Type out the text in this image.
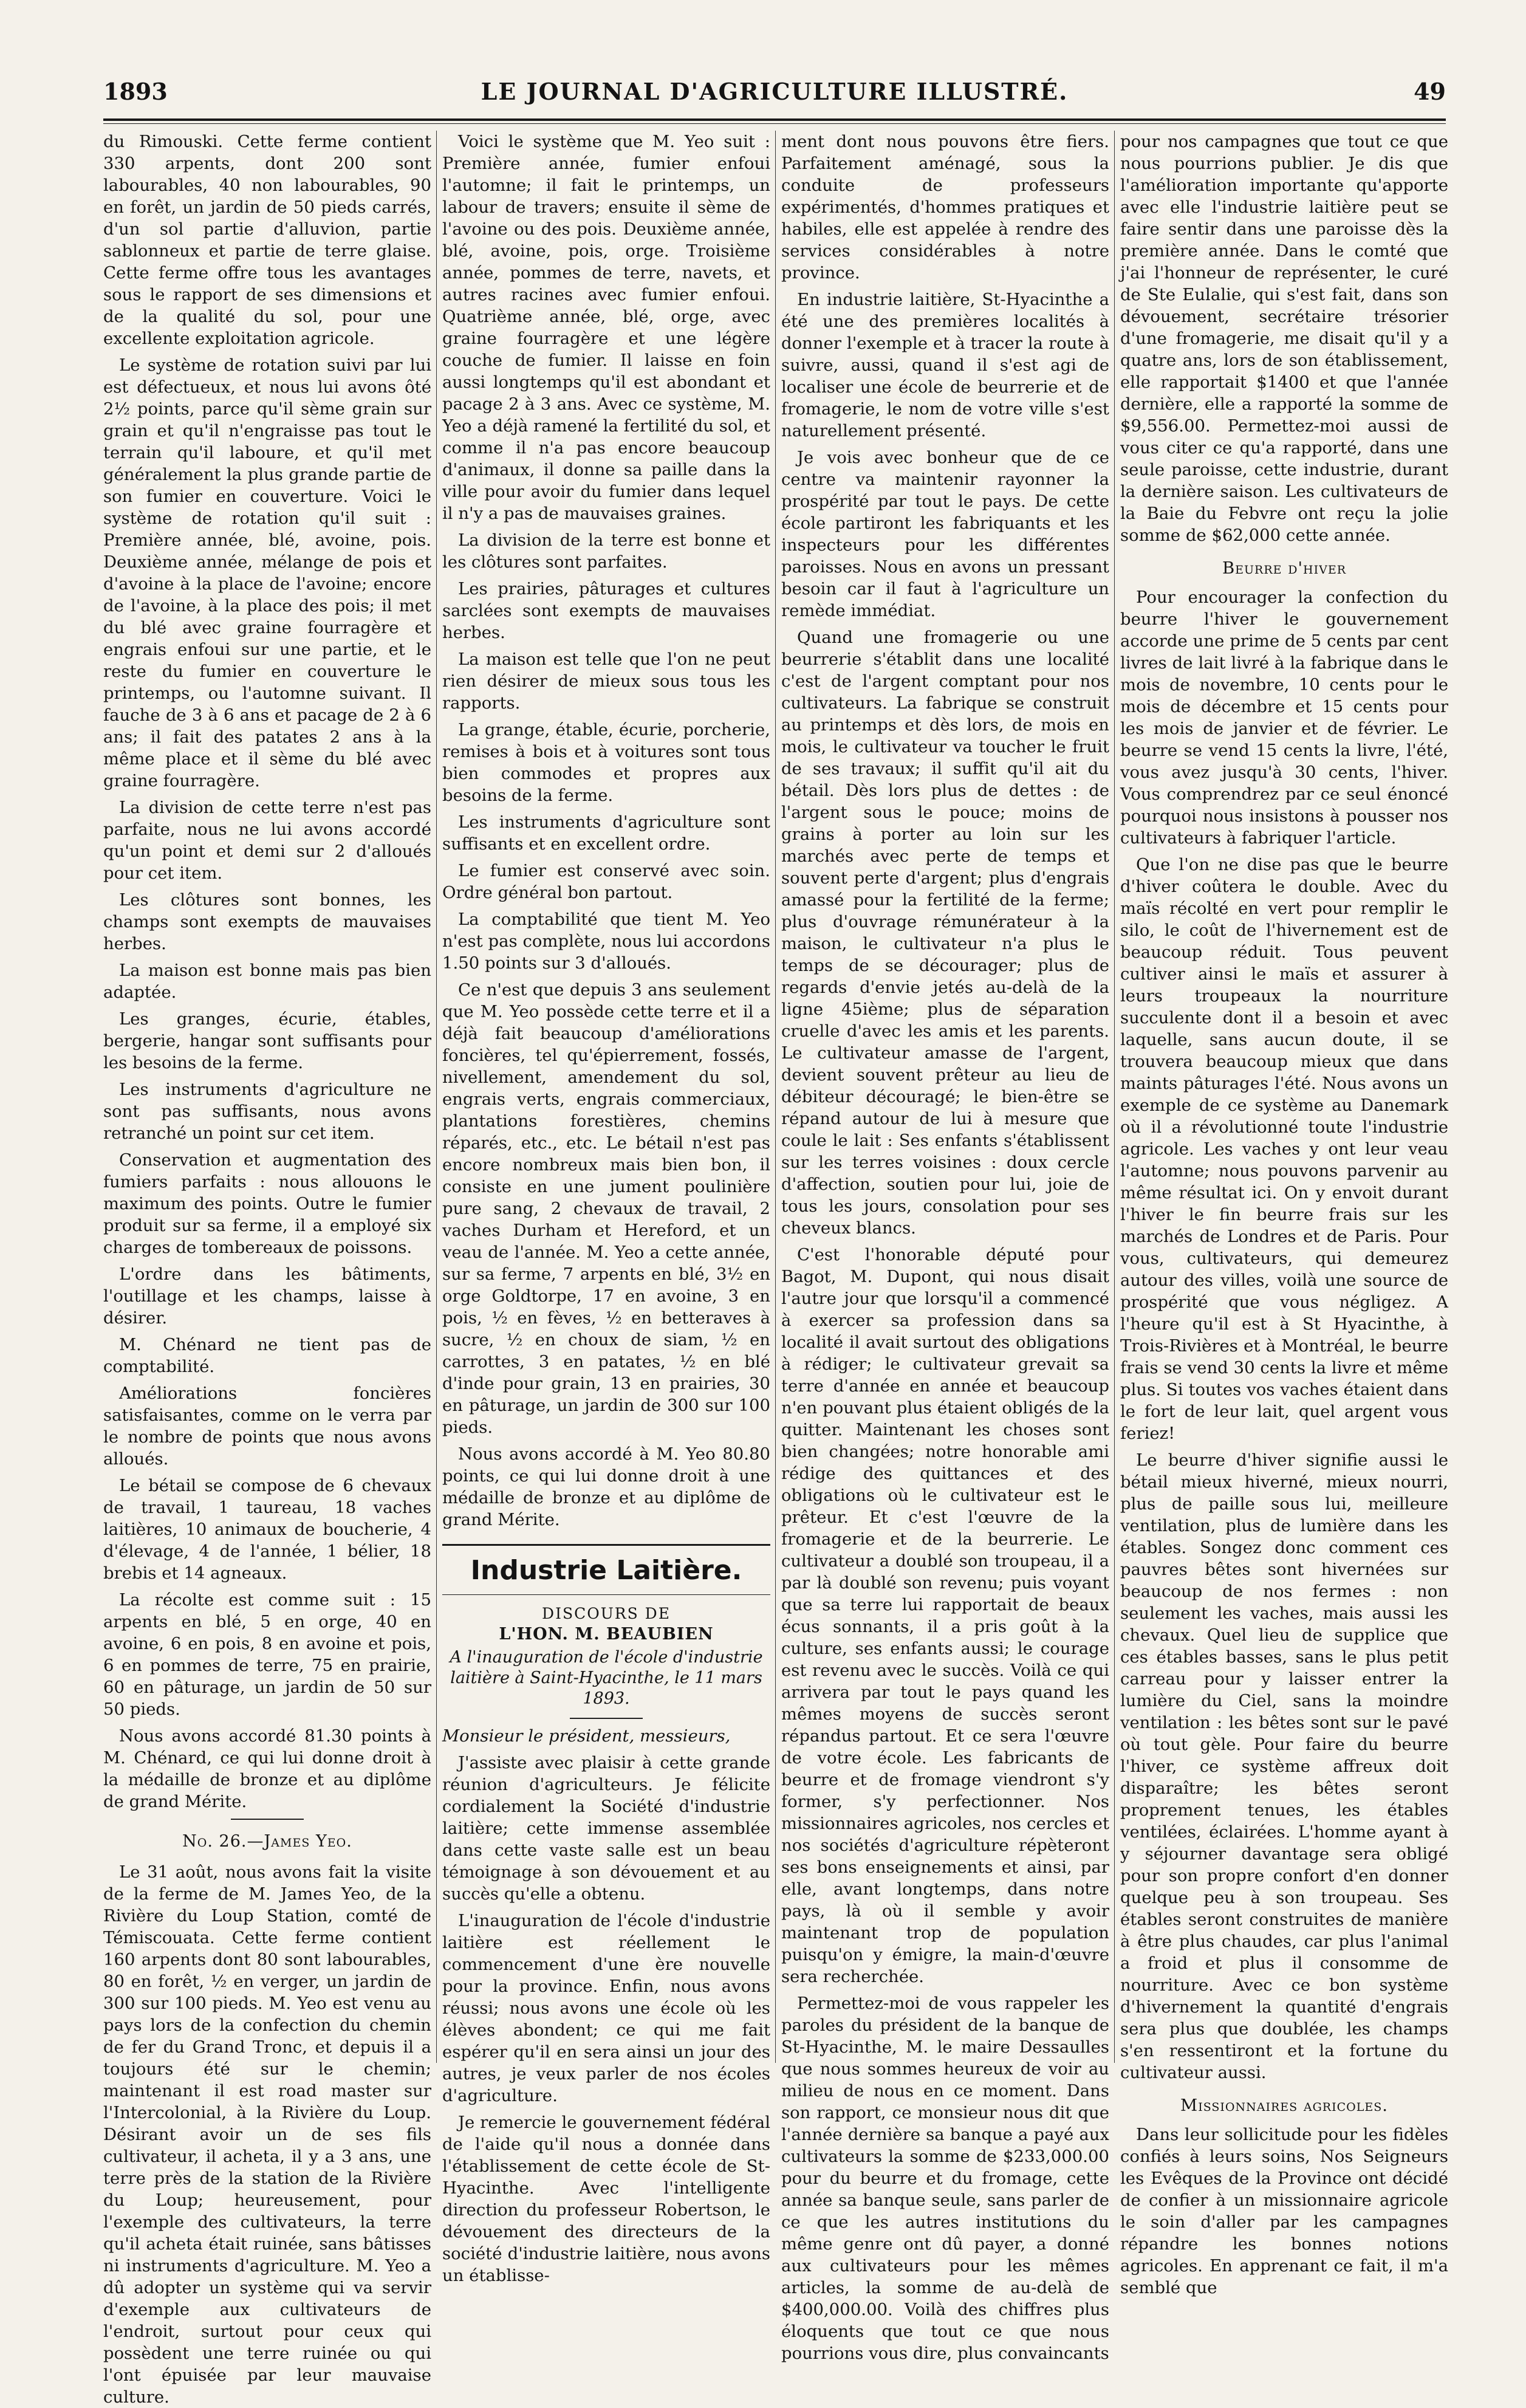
1893	LE JOURNAL D'AGRICULTURE ILLUSTRÉ.	49

du Rimouski. Cette ferme contient 330 arpents, dont 200 sont labourables, 40 non labourables, 90 en forêt, un jardin de 50 pieds carrés, d'un sol partie d'alluvion, partie sablonneux et partie de terre glaise. Cette ferme offre tous les avantages sous le rapport de ses dimensions et de la qualité du sol, pour une excellente exploitation agricole.

Le système de rotation suivi par lui est défectueux, et nous lui avons ôté 2½ points, parce qu'il sème grain sur grain et qu'il n'engraisse pas tout le terrain qu'il laboure, et qu'il met généralement la plus grande partie de son fumier en couverture. Voici le système de rotation qu'il suit : Première année, blé, avoine, pois. Deuxième année, mélange de pois et d'avoine à la place de l'avoine; encore de l'avoine, à la place des pois; il met du blé avec graine fourragère et engrais enfoui sur une partie, et le reste du fumier en couverture le printemps, ou l'automne suivant. Il fauche de 3 à 6 ans et pacage de 2 à 6 ans; il fait des patates 2 ans à la même place et il sème du blé avec graine fourragère.

La division de cette terre n'est pas parfaite, nous ne lui avons accordé qu'un point et demi sur 2 d'alloués pour cet item.

Les clôtures sont bonnes, les champs sont exempts de mauvaises herbes.

La maison est bonne mais pas bien adaptée.

Les granges, écurie, étables, bergerie, hangar sont suffisants pour les besoins de la ferme.

Les instruments d'agriculture ne sont pas suffisants, nous avons retranché un point sur cet item.

Conservation et augmentation des fumiers parfaits : nous allouons le maximum des points. Outre le fumier produit sur sa ferme, il a employé six charges de tombereaux de poissons.

L'ordre dans les bâtiments, l'outillage et les champs, laisse à désirer.

M. Chénard ne tient pas de comptabilité.

Améliorations foncières satisfaisantes, comme on le verra par le nombre de points que nous avons alloués.

Le bétail se compose de 6 chevaux de travail, 1 taureau, 18 vaches laitières, 10 animaux de boucherie, 4 d'élevage, 4 de l'année, 1 bélier, 18 brebis et 14 agneaux.

La récolte est comme suit : 15 arpents en blé, 5 en orge, 40 en avoine, 6 en pois, 8 en avoine et pois, 6 en pommes de terre, 75 en prairie, 60 en pâturage, un jardin de 50 sur 50 pieds.

Nous avons accordé 81.30 points à M. Chénard, ce qui lui donne droit à la médaille de bronze et au diplôme de grand Mérite.

No. 26.—James Yeo.

Le 31 août, nous avons fait la visite de la ferme de M. James Yeo, de la Rivière du Loup Station, comté de Témiscouata. Cette ferme contient 160 arpents dont 80 sont labourables, 80 en forêt, ½ en verger, un jardin de 300 sur 100 pieds. M. Yeo est venu au pays lors de la confection du chemin de fer du Grand Tronc, et depuis il a toujours été sur le chemin; maintenant il est road master sur l'Intercolonial, à la Rivière du Loup. Désirant avoir un de ses fils cultivateur, il acheta, il y a 3 ans, une terre près de la station de la Rivière du Loup; heureusement, pour l'exemple des cultivateurs, la terre qu'il acheta était ruinée, sans bâtisses ni instruments d'agriculture. M. Yeo a dû adopter un système qui va servir d'exemple aux cultivateurs de l'endroit, surtout pour ceux qui possèdent une terre ruinée ou qui l'ont épuisée par leur mauvaise culture.

Voici le système que M. Yeo suit : Première année, fumier enfoui l'automne; il fait le printemps, un labour de travers; ensuite il sème de l'avoine ou des pois. Deuxième année, blé, avoine, pois, orge. Troisième année, pommes de terre, navets, et autres racines avec fumier enfoui. Quatrième année, blé, orge, avec graine fourragère et une légère couche de fumier. Il laisse en foin aussi longtemps qu'il est abondant et pacage 2 à 3 ans. Avec ce système, M. Yeo a déjà ramené la fertilité du sol, et comme il n'a pas encore beaucoup d'animaux, il donne sa paille dans la ville pour avoir du fumier dans lequel il n'y a pas de mauvaises graines.

La division de la terre est bonne et les clôtures sont parfaites.

Les prairies, pâturages et cultures sarclées sont exempts de mauvaises herbes.

La maison est telle que l'on ne peut rien désirer de mieux sous tous les rapports.

La grange, étable, écurie, porcherie, remises à bois et à voitures sont tous bien commodes et propres aux besoins de la ferme.

Les instruments d'agriculture sont suffisants et en excellent ordre.

Le fumier est conservé avec soin. Ordre général bon partout.

La comptabilité que tient M. Yeo n'est pas complète, nous lui accordons 1.50 points sur 3 d'alloués.

Ce n'est que depuis 3 ans seulement que M. Yeo possède cette terre et il a déjà fait beaucoup d'améliorations foncières, tel qu'épierrement, fossés, nivellement, amendement du sol, engrais verts, engrais commerciaux, plantations forestières, chemins réparés, etc., etc. Le bétail n'est pas encore nombreux mais bien bon, il consiste en une jument poulinière pure sang, 2 chevaux de travail, 2 vaches Durham et Hereford, et un veau de l'année. M. Yeo a cette année, sur sa ferme, 7 arpents en blé, 3½ en orge Goldtorpe, 17 en avoine, 3 en pois, ½ en fèves, ½ en betteraves à sucre, ½ en choux de siam, ½ en carrottes, 3 en patates, ½ en blé d'inde pour grain, 13 en prairies, 30 en pâturage, un jardin de 300 sur 100 pieds.

Nous avons accordé à M. Yeo 80.80 points, ce qui lui donne droit à une médaille de bronze et au diplôme de grand Mérite.

Industrie Laitière.
DISCOURS DE
L'HON. M. BEAUBIEN
A l'inauguration de l'école d'industrie laitière à Saint-Hyacinthe, le 11 mars 1893.

Monsieur le président, messieurs,

J'assiste avec plaisir à cette grande réunion d'agriculteurs. Je félicite cordialement la Société d'industrie laitière; cette immense assemblée dans cette vaste salle est un beau témoignage à son dévouement et au succès qu'elle a obtenu.

L'inauguration de l'école d'industrie laitière est réellement le commencement d'une ère nouvelle pour la province. Enfin, nous avons réussi; nous avons une école où les élèves abondent; ce qui me fait espérer qu'il en sera ainsi un jour des autres, je veux parler de nos écoles d'agriculture.

Je remercie le gouvernement fédéral de l'aide qu'il nous a donnée dans l'établissement de cette école de St-Hyacinthe. Avec l'intelligente direction du professeur Robertson, le dévouement des directeurs de la société d'industrie laitière, nous avons un établisse-

ment dont nous pouvons être fiers. Parfaitement aménagé, sous la conduite de professeurs expérimentés, d'hommes pratiques et habiles, elle est appelée à rendre des services considérables à notre province.

En industrie laitière, St-Hyacinthe a été une des premières localités à donner l'exemple et à tracer la route à suivre, aussi, quand il s'est agi de localiser une école de beurrerie et de fromagerie, le nom de votre ville s'est naturellement présenté.

Je vois avec bonheur que de ce centre va maintenir rayonner la prospérité par tout le pays. De cette école partiront les fabriquants et les inspecteurs pour les différentes paroisses. Nous en avons un pressant besoin car il faut à l'agriculture un remède immédiat.

Quand une fromagerie ou une beurrerie s'établit dans une localité c'est de l'argent comptant pour nos cultivateurs. La fabrique se construit au printemps et dès lors, de mois en mois, le cultivateur va toucher le fruit de ses travaux; il suffit qu'il ait du bétail. Dès lors plus de dettes : de l'argent sous le pouce; moins de grains à porter au loin sur les marchés avec perte de temps et souvent perte d'argent; plus d'engrais amassé pour la fertilité de la ferme; plus d'ouvrage rémunérateur à la maison, le cultivateur n'a plus le temps de se décourager; plus de regards d'envie jetés au-delà de la ligne 45ième; plus de séparation cruelle d'avec les amis et les parents. Le cultivateur amasse de l'argent, devient souvent prêteur au lieu de débiteur découragé; le bien-être se répand autour de lui à mesure que coule le lait : Ses enfants s'établissent sur les terres voisines : doux cercle d'affection, soutien pour lui, joie de tous les jours, consolation pour ses cheveux blancs.

C'est l'honorable député pour Bagot, M. Dupont, qui nous disait l'autre jour que lorsqu'il a commencé à exercer sa profession dans sa localité il avait surtout des obligations à rédiger; le cultivateur grevait sa terre d'année en année et beaucoup n'en pouvant plus étaient obligés de la quitter. Maintenant les choses sont bien changées; notre honorable ami rédige des quittances et des obligations où le cultivateur est le prêteur. Et c'est l'œuvre de la fromagerie et de la beurrerie. Le cultivateur a doublé son troupeau, il a par là doublé son revenu; puis voyant que sa terre lui rapportait de beaux écus sonnants, il a pris goût à la culture, ses enfants aussi; le courage est revenu avec le succès. Voilà ce qui arrivera par tout le pays quand les mêmes moyens de succès seront répandus partout. Et ce sera l'œuvre de votre école. Les fabricants de beurre et de fromage viendront s'y former, s'y perfectionner. Nos missionnaires agricoles, nos cercles et nos sociétés d'agriculture répèteront ses bons enseignements et ainsi, par elle, avant longtemps, dans notre pays, là où il semble y avoir maintenant trop de population puisqu'on y émigre, la main-d'œuvre sera recherchée.

Permettez-moi de vous rappeler les paroles du président de la banque de St-Hyacinthe, M. le maire Dessaulles que nous sommes heureux de voir au milieu de nous en ce moment. Dans son rapport, ce monsieur nous dit que l'année dernière sa banque a payé aux cultivateurs la somme de $233,000.00 pour du beurre et du fromage, cette année sa banque seule, sans parler de ce que les autres institutions du même genre ont dû payer, a donné aux cultivateurs pour les mêmes articles, la somme de au-delà de $400,000.00. Voilà des chiffres plus éloquents que tout ce que nous pourrions vous dire, plus convaincants

pour nos campagnes que tout ce que nous pourrions publier. Je dis que l'amélioration importante qu'apporte avec elle l'industrie laitière peut se faire sentir dans une paroisse dès la première année. Dans le comté que j'ai l'honneur de représenter, le curé de Ste Eulalie, qui s'est fait, dans son dévouement, secrétaire trésorier d'une fromagerie, me disait qu'il y a quatre ans, lors de son établissement, elle rapportait $1400 et que l'année dernière, elle a rapporté la somme de $9,556.00. Permettez-moi aussi de vous citer ce qu'a rapporté, dans une seule paroisse, cette industrie, durant la dernière saison. Les cultivateurs de la Baie du Febvre ont reçu la jolie somme de $62,000 cette année.

Beurre d'hiver

Pour encourager la confection du beurre l'hiver le gouvernement accorde une prime de 5 cents par cent livres de lait livré à la fabrique dans le mois de novembre, 10 cents pour le mois de décembre et 15 cents pour les mois de janvier et de février. Le beurre se vend 15 cents la livre, l'été, vous avez jusqu'à 30 cents, l'hiver. Vous comprendrez par ce seul énoncé pourquoi nous insistons à pousser nos cultivateurs à fabriquer l'article.

Que l'on ne dise pas que le beurre d'hiver coûtera le double. Avec du maïs récolté en vert pour remplir le silo, le coût de l'hivernement est de beaucoup réduit. Tous peuvent cultiver ainsi le maïs et assurer à leurs troupeaux la nourriture succulente dont il a besoin et avec laquelle, sans aucun doute, il se trouvera beaucoup mieux que dans maints pâturages l'été. Nous avons un exemple de ce système au Danemark où il a révolutionné toute l'industrie agricole. Les vaches y ont leur veau l'automne; nous pouvons parvenir au même résultat ici. On y envoit durant l'hiver le fin beurre frais sur les marchés de Londres et de Paris. Pour vous, cultivateurs, qui demeurez autour des villes, voilà une source de prospérité que vous négligez. A l'heure qu'il est à St Hyacinthe, à Trois-Rivières et à Montréal, le beurre frais se vend 30 cents la livre et même plus. Si toutes vos vaches étaient dans le fort de leur lait, quel argent vous feriez!

Le beurre d'hiver signifie aussi le bétail mieux hiverné, mieux nourri, plus de paille sous lui, meilleure ventilation, plus de lumière dans les étables. Songez donc comment ces pauvres bêtes sont hivernées sur beaucoup de nos fermes : non seulement les vaches, mais aussi les chevaux. Quel lieu de supplice que ces étables basses, sans le plus petit carreau pour y laisser entrer la lumière du Ciel, sans la moindre ventilation : les bêtes sont sur le pavé où tout gèle. Pour faire du beurre l'hiver, ce système affreux doit disparaître; les bêtes seront proprement tenues, les étables ventilées, éclairées. L'homme ayant à y séjourner davantage sera obligé pour son propre confort d'en donner quelque peu à son troupeau. Ses étables seront construites de manière à être plus chaudes, car plus l'animal a froid et plus il consomme de nourriture. Avec ce bon système d'hivernement la quantité d'engrais sera plus que doublée, les champs s'en ressentiront et la fortune du cultivateur aussi.

Missionnaires agricoles.

Dans leur sollicitude pour les fidèles confiés à leurs soins, Nos Seigneurs les Evêques de la Province ont décidé de confier à un missionnaire agricole le soin d'aller par les campagnes répandre les bonnes notions agricoles. En apprenant ce fait, il m'a semblé que
